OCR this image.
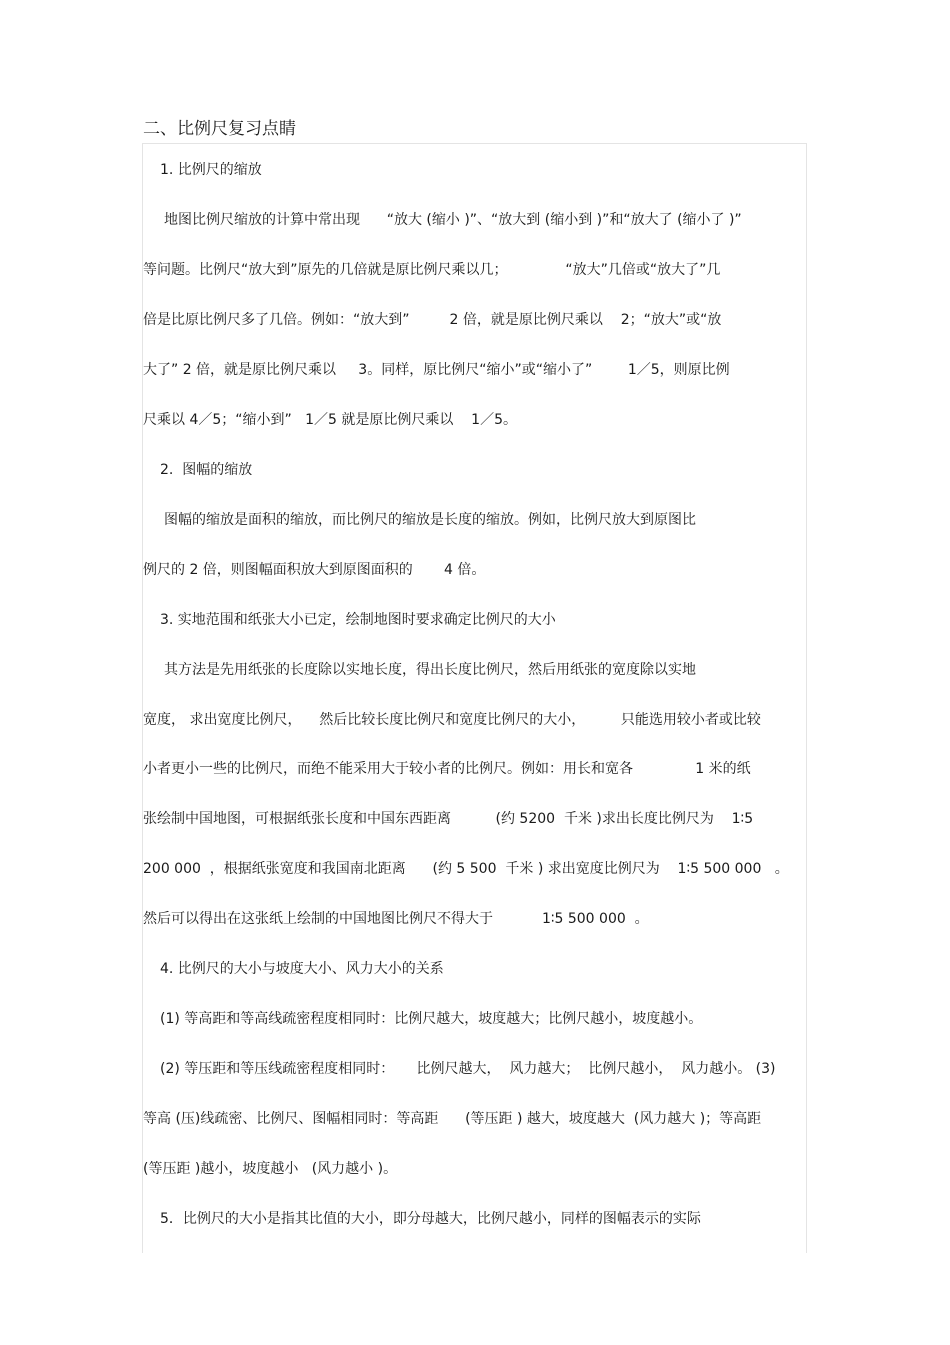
二、比例尺复习点睛
1. 比例尺的缩放
地图比例尺缩放的计算中常出现      “放大 (缩小 )”、“放大到 (缩小到 )”和“放大了 (缩小了 )”
等问题。比例尺“放大到”原先的几倍就是原比例尺乘以几；             “放大”几倍或“放大了”几
倍是比原比例尺多了几倍。例如：“放大到”         2 倍，就是原比例尺乘以    2；“放大”或“放
大了” 2 倍，就是原比例尺乘以     3。同样，原比例尺“缩小”或“缩小了”        1／5，则原比例
尺乘以 4／5；“缩小到”   1／5 就是原比例尺乘以    1／5。
2.  图幅的缩放
图幅的缩放是面积的缩放，而比例尺的缩放是长度的缩放。例如，比例尺放大到原图比
例尺的 2 倍，则图幅面积放大到原图面积的       4 倍。
3. 实地范围和纸张大小已定，绘制地图时要求确定比例尺的大小
其方法是先用纸张的长度除以实地长度，得出长度比例尺，然后用纸张的宽度除以实地
宽度， 求出宽度比例尺，    然后比较长度比例尺和宽度比例尺的大小，        只能选用较小者或比较
小者更小一些的比例尺，而绝不能采用大于较小者的比例尺。例如：用长和宽各              1 米的纸
张绘制中国地图，可根据纸张长度和中国东西距离          (约 5200  千米 )求出长度比例尺为    1∶5
200 000  ，根据纸张宽度和我国南北距离      (约 5 500  千米 ) 求出宽度比例尺为    1∶5 500 000   。
然后可以得出在这张纸上绘制的中国地图比例尺不得大于           1∶5 500 000  。
4. 比例尺的大小与坡度大小、风力大小的关系
(1) 等高距和等高线疏密程度相同时：比例尺越大，坡度越大；比例尺越小，坡度越小。
(2) 等压距和等压线疏密程度相同时：     比例尺越大，  风力越大；  比例尺越小，  风力越小。 (3)
等高 (压)线疏密、比例尺、图幅相同时：等高距      (等压距 ) 越大，坡度越大  (风力越大 )；等高距
(等压距 )越小，坡度越小   (风力越小 )。
5．比例尺的大小是指其比值的大小，即分母越大，比例尺越小，同样的图幅表示的实际
